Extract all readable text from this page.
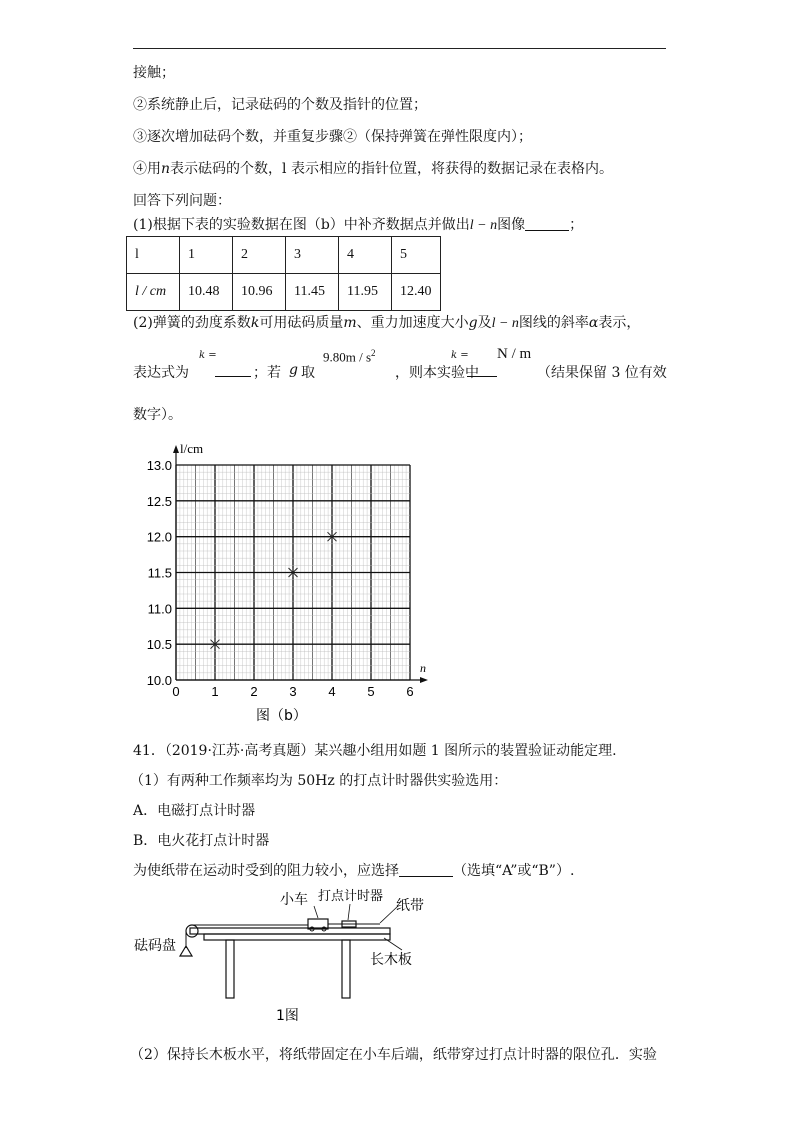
接触；
②系统静止后，记录砝码的个数及指针的位置；
③逐次增加砝码个数，并重复步骤②（保持弹簧在弹性限度内）；
④用n表示砝码的个数，l 表示相应的指针位置，将获得的数据记录在表格内。
回答下列问题：
(1)根据下表的实验数据在图（b）中补齐数据点并做出l − n图像	；
l	1	2	3	4	5
l / cm	10.48	10.96	11.45	11.95	12.40
(2)弹簧的劲度系数k可用砝码质量m、重力加速度大小g及l − n图线的斜率α表示，
表达式为
k =
；若 g 取
$9.80m / s^2$
，则本实验中
k = N / m
（结果保留 3 位有效
数字）。
0 1 2 3 4 5 6
10.0
10.5
11.0
11.5
12.0
12.5
13.0
n
l/cm
图（b）
41．（2019·江苏·高考真题）某兴趣小组用如题 1 图所示的装置验证动能定理.
（1）有两种工作频率均为 50Hz 的打点计时器供实验选用：
A．电磁打点计时器
B．电火花打点计时器
为使纸带在运动时受到的阻力较小，应选择	（选填“A”或“B”）.
小车 打点计时器
纸带
砝码盘
长木板
1图
（2）保持长木板水平，将纸带固定在小车后端，纸带穿过打点计时器的限位孔．实验
